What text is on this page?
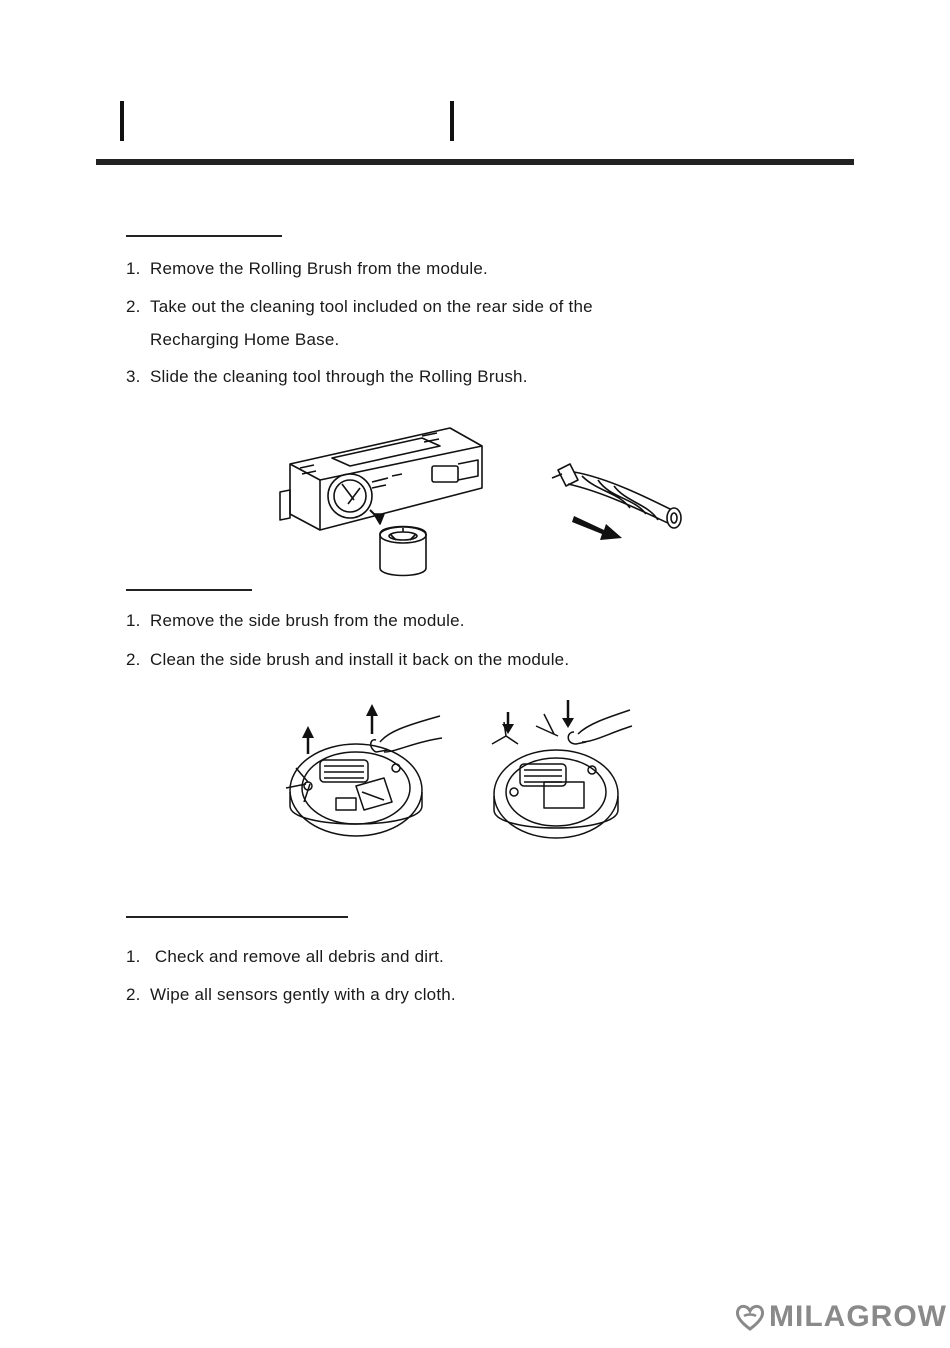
1. Remove the Rolling Brush from the module.
2. Take out the cleaning tool included on the rear side of the
Recharging Home Base.
3. Slide the cleaning tool through the Rolling Brush.
1. Remove the side brush from the module.
2. Clean the side brush and install it back on the module.
1. Check and remove all debris and dirt.
2. Wipe all sensors gently with a dry cloth.
MILAGROW
